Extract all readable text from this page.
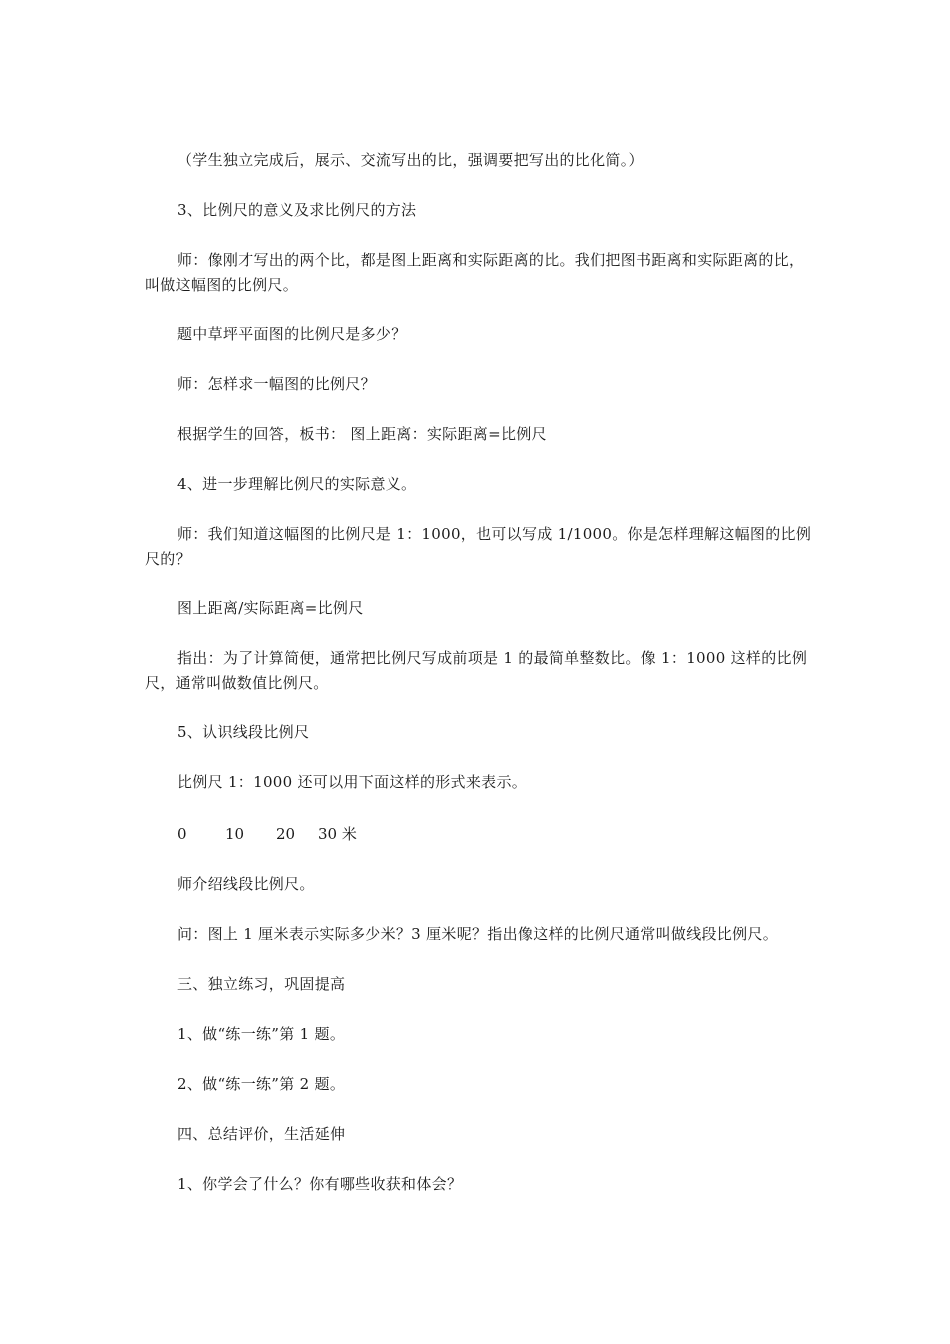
（学生独立完成后，展示、交流写出的比，强调要把写出的比化简。）

3、比例尺的意义及求比例尺的方法

师：像刚才写出的两个比，都是图上距离和实际距离的比。我们把图书距离和实际距离的比，叫做这幅图的比例尺。

题中草坪平面图的比例尺是多少？

师：怎样求一幅图的比例尺？

根据学生的回答，板书： 图上距离：实际距离=比例尺

4、进一步理解比例尺的实际意义。

师：我们知道这幅图的比例尺是 1：1000，也可以写成 1/1000。你是怎样理解这幅图的比例尺的？

图上距离/实际距离=比例尺

指出：为了计算简便，通常把比例尺写成前项是 1 的最简单整数比。像 1：1000 这样的比例尺，通常叫做数值比例尺。

5、认识线段比例尺

比例尺 1：1000 还可以用下面这样的形式来表示。

0	10 20 30 米

师介绍线段比例尺。

问：图上 1 厘米表示实际多少米？3 厘米呢？指出像这样的比例尺通常叫做线段比例尺。

三、独立练习，巩固提高

1、做“练一练”第 1 题。

2、做“练一练”第 2 题。

四、总结评价，生活延伸

1、你学会了什么？你有哪些收获和体会？
